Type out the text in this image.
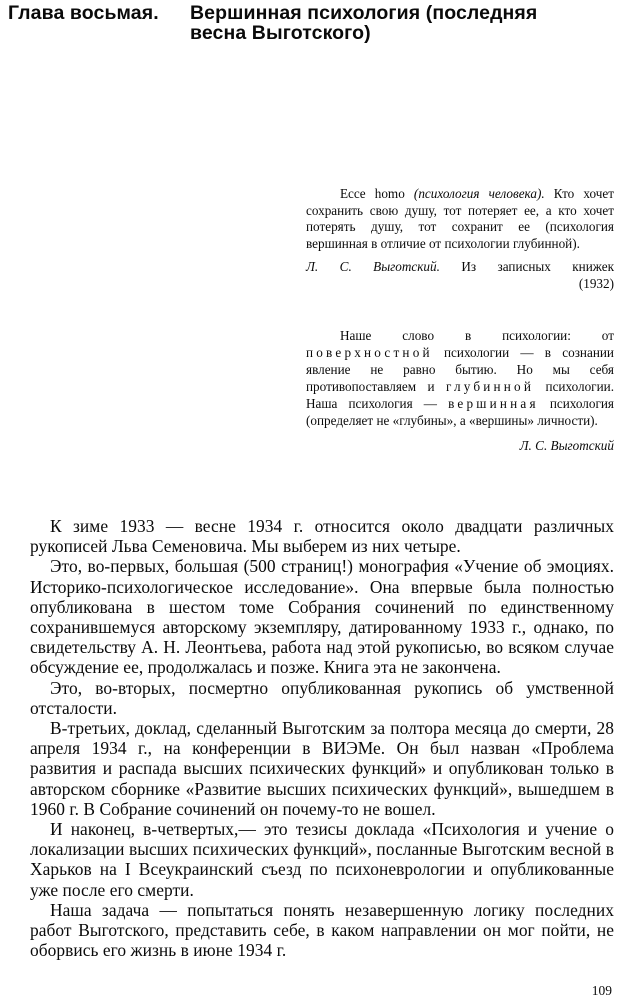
Глава восьмая. Вершинная психология (последняя
весна Выготского)

Ecce homo (психология человека). Кто хочет сохранить свою душу, тот потеряет ее, а кто хочет потерять душу, тот сохранит ее (психология вершинная в отличие от психологии глубинной).

Л. С. Выготский. Из записных книжек

(1932)

Наше слово в психологии: от поверхностной психологии — в сознании явление не равно бытию. Но мы себя противопоставляем и глубинной психологии. Наша психология — вершинная психология (определяет не «глубины», а «вершины» личности).

Л. С. Выготский

К зиме 1933 — весне 1934 г. относится около двадцати различных рукописей Льва Семеновича. Мы выберем из них четыре.

Это, во-первых, большая (500 страниц!) монография «Учение об эмоциях. Историко-психологическое исследование». Она впервые была полностью опубликована в шестом томе Собрания сочинений по единственному сохранившемуся авторскому экземпляру, датированному 1933 г., однако, по свидетельству А. Н. Леонтьева, работа над этой рукописью, во всяком случае обсуждение ее, продолжалась и позже. Книга эта не закончена.

Это, во-вторых, посмертно опубликованная рукопись об умственной отсталости.

В-третьих, доклад, сделанный Выготским за полтора месяца до смерти, 28 апреля 1934 г., на конференции в ВИЭМе. Он был назван «Проблема развития и распада высших психических функций» и опубликован только в авторском сборнике «Развитие высших психических функций», вышедшем в 1960 г. В Собрание сочинений он почему-то не вошел.

И наконец, в-четвертых,— это тезисы доклада «Психология и учение о локализации высших психических функций», посланные Выготским весной в Харьков на I Всеукраинский съезд по психоневрологии и опубликованные уже после его смерти.

Наша задача — попытаться понять незавершенную логику последних работ Выготского, представить себе, в каком направлении он мог пойти, не оборвись его жизнь в июне 1934 г.

109
